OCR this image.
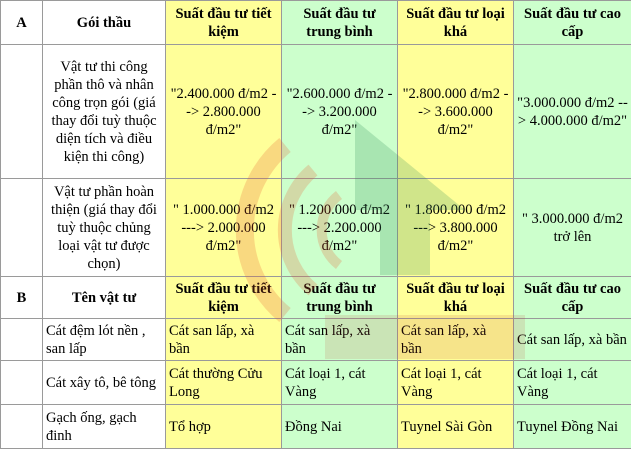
A	Gói thầu	Suất đầu tư tiết kiệm	Suất đầu tư trung bình	Suất đầu tư loại khá	Suất đầu tư cao cấp
	Vật tư thi công phần thô và nhân công trọn gói (giá thay đổi tuỳ thuộc diện tích và điều kiện thi công)	"2.400.000 đ/m2 --> 2.800.000 đ/m2"	"2.600.000 đ/m2 --> 3.200.000 đ/m2"	"2.800.000 đ/m2 --> 3.600.000 đ/m2"	"3.000.000 đ/m2 --> 4.000.000 đ/m2"
	Vật tư phần hoàn thiện (giá thay đổi tuỳ thuộc chủng loại vật tư được chọn)	" 1.000.000 đ/m2 ---> 2.000.000 đ/m2"	" 1.200.000 đ/m2 ---> 2.200.000 đ/m2"	" 1.800.000 đ/m2 ---> 3.800.000 đ/m2"	" 3.000.000 đ/m2 trở lên
B	Tên vật tư	Suất đầu tư tiết kiệm	Suất đầu tư trung bình	Suất đầu tư loại khá	Suất đầu tư cao cấp
	Cát đệm lót nền , san lấp	Cát san lấp, xà bần	Cát san lấp, xà bần	Cát san lấp, xà bần	Cát san lấp, xà bần
	Cát xây tô, bê tông	Cát thường Cửu Long	Cát loại 1, cát Vàng	Cát loại 1, cát Vàng	Cát loại 1, cát Vàng
	Gạch ống, gạch đinh	Tổ hợp	Đồng Nai	Tuynel Sài Gòn	Tuynel Đồng Nai
